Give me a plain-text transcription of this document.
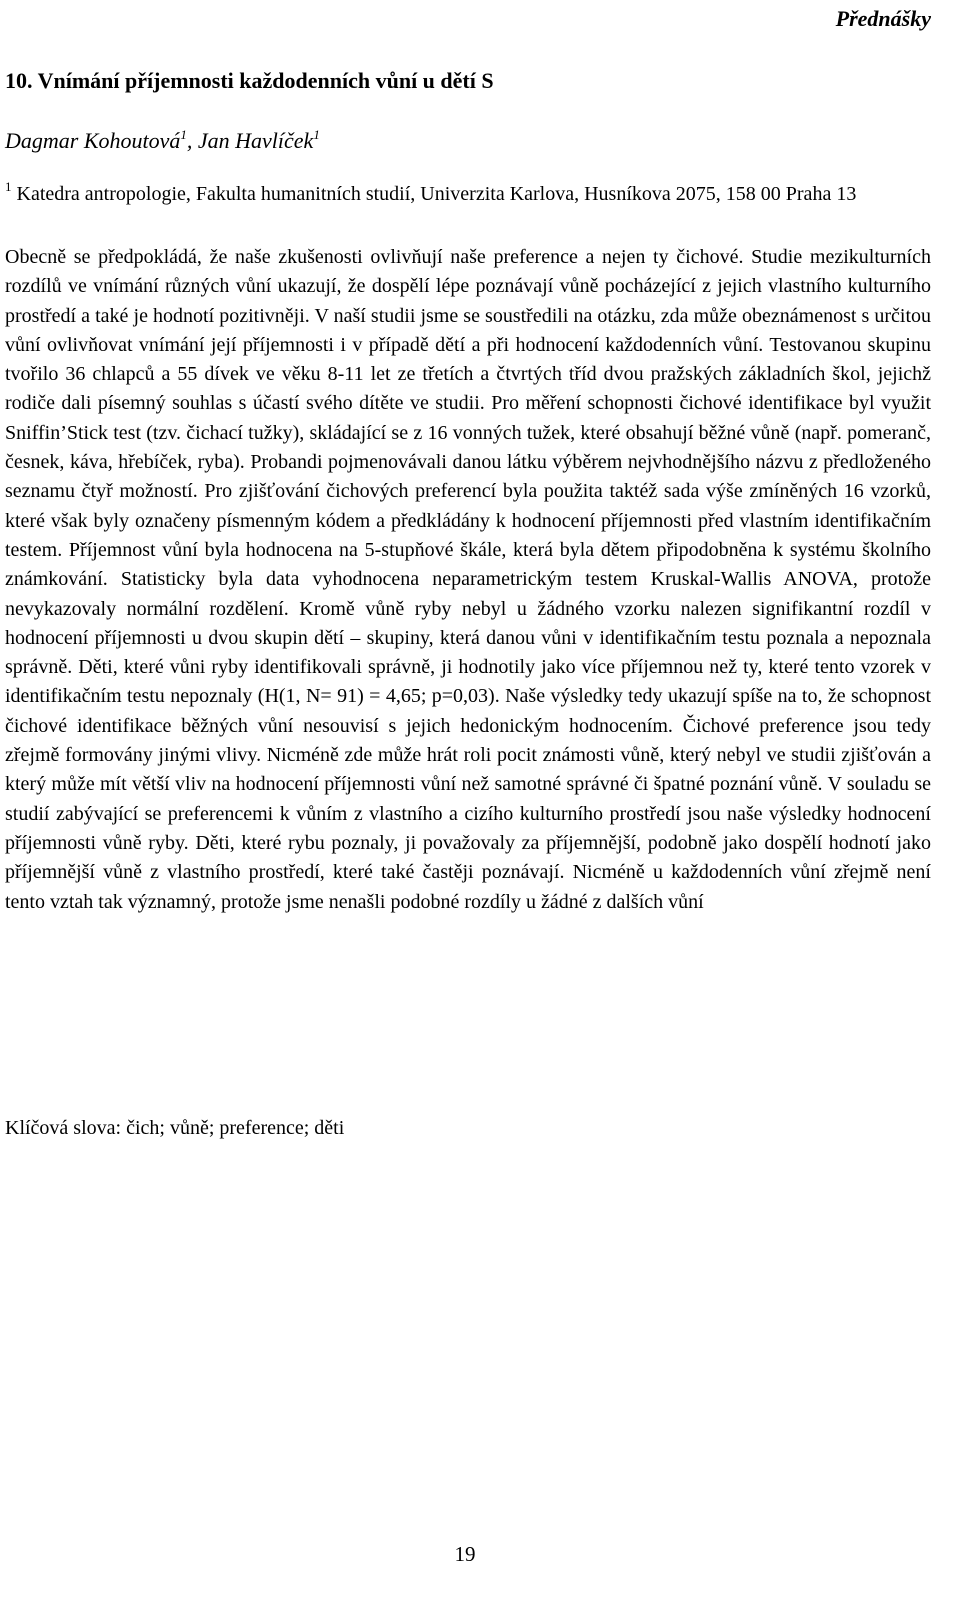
Přednášky
10. Vnímání příjemnosti každodenních vůní u dětí S
Dagmar Kohoutová$^1$, Jan Havlíček$^1$
$^1$ Katedra antropologie, Fakulta humanitních studií, Univerzita Karlova, Husníkova 2075, 158 00 Praha 13

Obecně se předpokládá, že naše zkušenosti ovlivňují naše preference a nejen ty čichové. Studie mezikulturních rozdílů ve vnímání různých vůní ukazují, že dospělí lépe poznávají vůně pocházející z jejich vlastního kulturního prostředí a také je hodnotí pozitivněji. V naší studii jsme se soustředili na otázku, zda může obeznámenost s určitou vůní ovlivňovat vnímání její příjemnosti i v případě dětí a při hodnocení každodenních vůní. Testovanou skupinu tvořilo 36 chlapců a 55 dívek ve věku 8-11 let ze třetích a čtvrtých tříd dvou pražských základních škol, jejichž rodiče dali písemný souhlas s účastí svého dítěte ve studii. Pro měření schopnosti čichové identifikace byl využit Sniffin’Stick test (tzv. čichací tužky), skládající se z 16 vonných tužek, které obsahují běžné vůně (např. pomeranč, česnek, káva, hřebíček, ryba). Probandi pojmenovávali danou látku výběrem nejvhodnějšího názvu z předloženého seznamu čtyř možností. Pro zjišťování čichových preferencí byla použita taktéž sada výše zmíněných 16 vzorků, které však byly označeny písmenným kódem a předkládány k hodnocení příjemnosti před vlastním identifikačním testem. Příjemnost vůní byla hodnocena na 5-stupňové škále, která byla dětem připodobněna k systému školního známkování. Statisticky byla data vyhodnocena neparametrickým testem Kruskal-Wallis ANOVA, protože nevykazovaly normální rozdělení. Kromě vůně ryby nebyl u žádného vzorku nalezen signifikantní rozdíl v hodnocení příjemnosti u dvou skupin dětí – skupiny, která danou vůni v identifikačním testu poznala a nepoznala správně. Děti, které vůni ryby identifikovali správně, ji hodnotily jako více příjemnou než ty, které tento vzorek v identifikačním testu nepoznaly (H(1, N= 91) = 4,65; p=0,03). Naše výsledky tedy ukazují spíše na to, že schopnost čichové identifikace běžných vůní nesouvisí s jejich hedonickým hodnocením. Čichové preference jsou tedy zřejmě formovány jinými vlivy. Nicméně zde může hrát roli pocit známosti vůně, který nebyl ve studii zjišťován a který může mít větší vliv na hodnocení příjemnosti vůní než samotné správné či špatné poznání vůně. V souladu se studií zabývající se preferencemi k vůním z vlastního a cizího kulturního prostředí jsou naše výsledky hodnocení příjemnosti vůně ryby. Děti, které rybu poznaly, ji považovaly za příjemnější, podobně jako dospělí hodnotí jako příjemnější vůně z vlastního prostředí, které také častěji poznávají. Nicméně u každodenních vůní zřejmě není tento vztah tak významný, protože jsme nenašli podobné rozdíly u žádné z dalších vůní

Klíčová slova: čich; vůně; preference; děti
19
